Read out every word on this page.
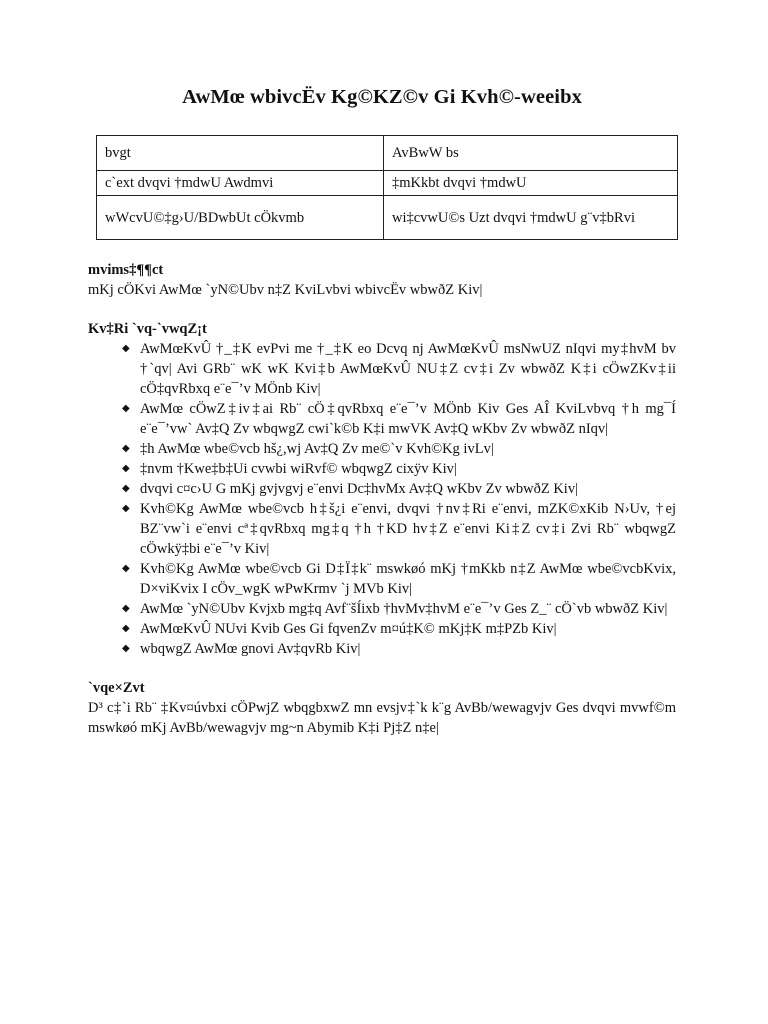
AwMœ wbivcËv Kg©KZ©v Gi Kvh©-weeibx
bvgt	AvBwW bs
c`ext dvqvi †mdwU Awdmvi	‡mKkbt dvqvi †mdwU
wWcvU©‡g›U/BDwbUt cÖkvmb	wi‡cvwU©s Uzt dvqvi †mdwU g¨v‡bRvi
mvims‡¶¶ct

mKj cÖKvi AwMœ `yN©Ubv n‡Z KviLvbvi wbivcËv wbwðZ Kiv|

Kv‡Ri `vq-`vwqZ¡t
◆ AwMœKvÛ †_‡K evPvi me †_‡K eo Dcvq nj AwMœKvÛ msNwUZ nIqvi my‡hvM bv †`qv| Avi GRb¨ wK wK Kvi‡b AwMœKvÛ NU‡Z cv‡i Zv wbwðZ K‡i cÖwZKv‡ii cÖ‡qvRbxq e¨e¯’v MÖnb Kiv|
◆ AwMœ cÖwZ‡iv‡ai Rb¨ cÖ‡qvRbxq e¨e¯’v MÖnb Kiv Ges AÎ KviLvbvq †h mg¯Í e¨e¯’vw` Av‡Q Zv wbqwgZ cwi`k©b K‡i mwVK Av‡Q wKbv Zv wbwðZ nIqv|
◆ ‡h AwMœ wbe©vcb hš¿,wj Av‡Q Zv me©`v Kvh©Kg ivLv|
◆ ‡nvm †Kwe‡b‡Ui cvwbi wiRvf© wbqwgZ cixÿv Kiv|
◆ dvqvi c¤c›U G mKj gvjvgvj e¨envi Dc‡hvMx Av‡Q wKbv Zv wbwðZ Kiv|
◆ Kvh©Kg AwMœ wbe©vcb h‡š¿i e¨envi, dvqvi †nv‡Ri e¨envi, mZK©xKib N›Uv, †ej BZ¨vw`i e¨envi cª‡qvRbxq mg‡q †h †KD hv‡Z e¨envi Ki‡Z cv‡i Zvi Rb¨ wbqwgZ cÖwkÿ‡bi e¨e¯’v Kiv|
◆ Kvh©Kg AwMœ wbe©vcb Gi D‡Ï‡k¨ mswkøó mKj †mKkb n‡Z AwMœ wbe©vcbKvix, D×viKvix I cÖv_wgK wPwKrmv `j MVb Kiv|
◆ AwMœ `yN©Ubv Kvjxb mg‡q Avf¨šÍixb †hvMv‡hvM e¨e¯’v Ges Z_¨ cÖ`vb wbwðZ Kiv|
◆ AwMœKvÛ NUvi Kvib Ges Gi fqvenZv m¤ú‡K© mKj‡K m‡PZb Kiv|
◆ wbqwgZ AwMœ gnovi Av‡qvRb Kiv|
`vqe×Zvt

D³ c‡`i Rb¨ ‡Kv¤úvbxi cÖPwjZ wbqgbxwZ mn evsjv‡`k k¨g AvBb/wewagvjv Ges dvqvi mvwf©m mswkøó mKj AvBb/wewagvjv mg~n Abymib K‡i Pj‡Z n‡e|
